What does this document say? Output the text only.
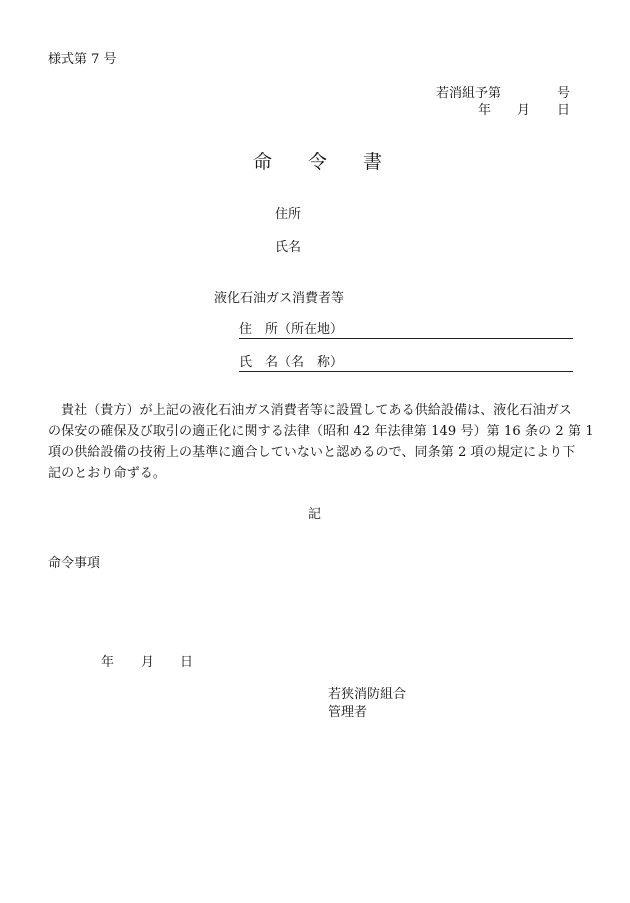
様式第 7 号
若消組予第	号
年 月 日
命 令 書
住所
氏名
液化石油ガス消費者等
住　所（所在地）
氏　名（名　称）
貴社（貴方）が上記の液化石油ガス消費者等に設置してある供給設備は、液化石油ガス
の保安の確保及び取引の適正化に関する法律（昭和 42 年法律第 149 号）第 16 条の 2 第 1
項の供給設備の技術上の基準に適合していないと認めるので、同条第 2 項の規定により下
記のとおり命ずる。
記
命令事項
年 月 日
若狭消防組合
管理者
